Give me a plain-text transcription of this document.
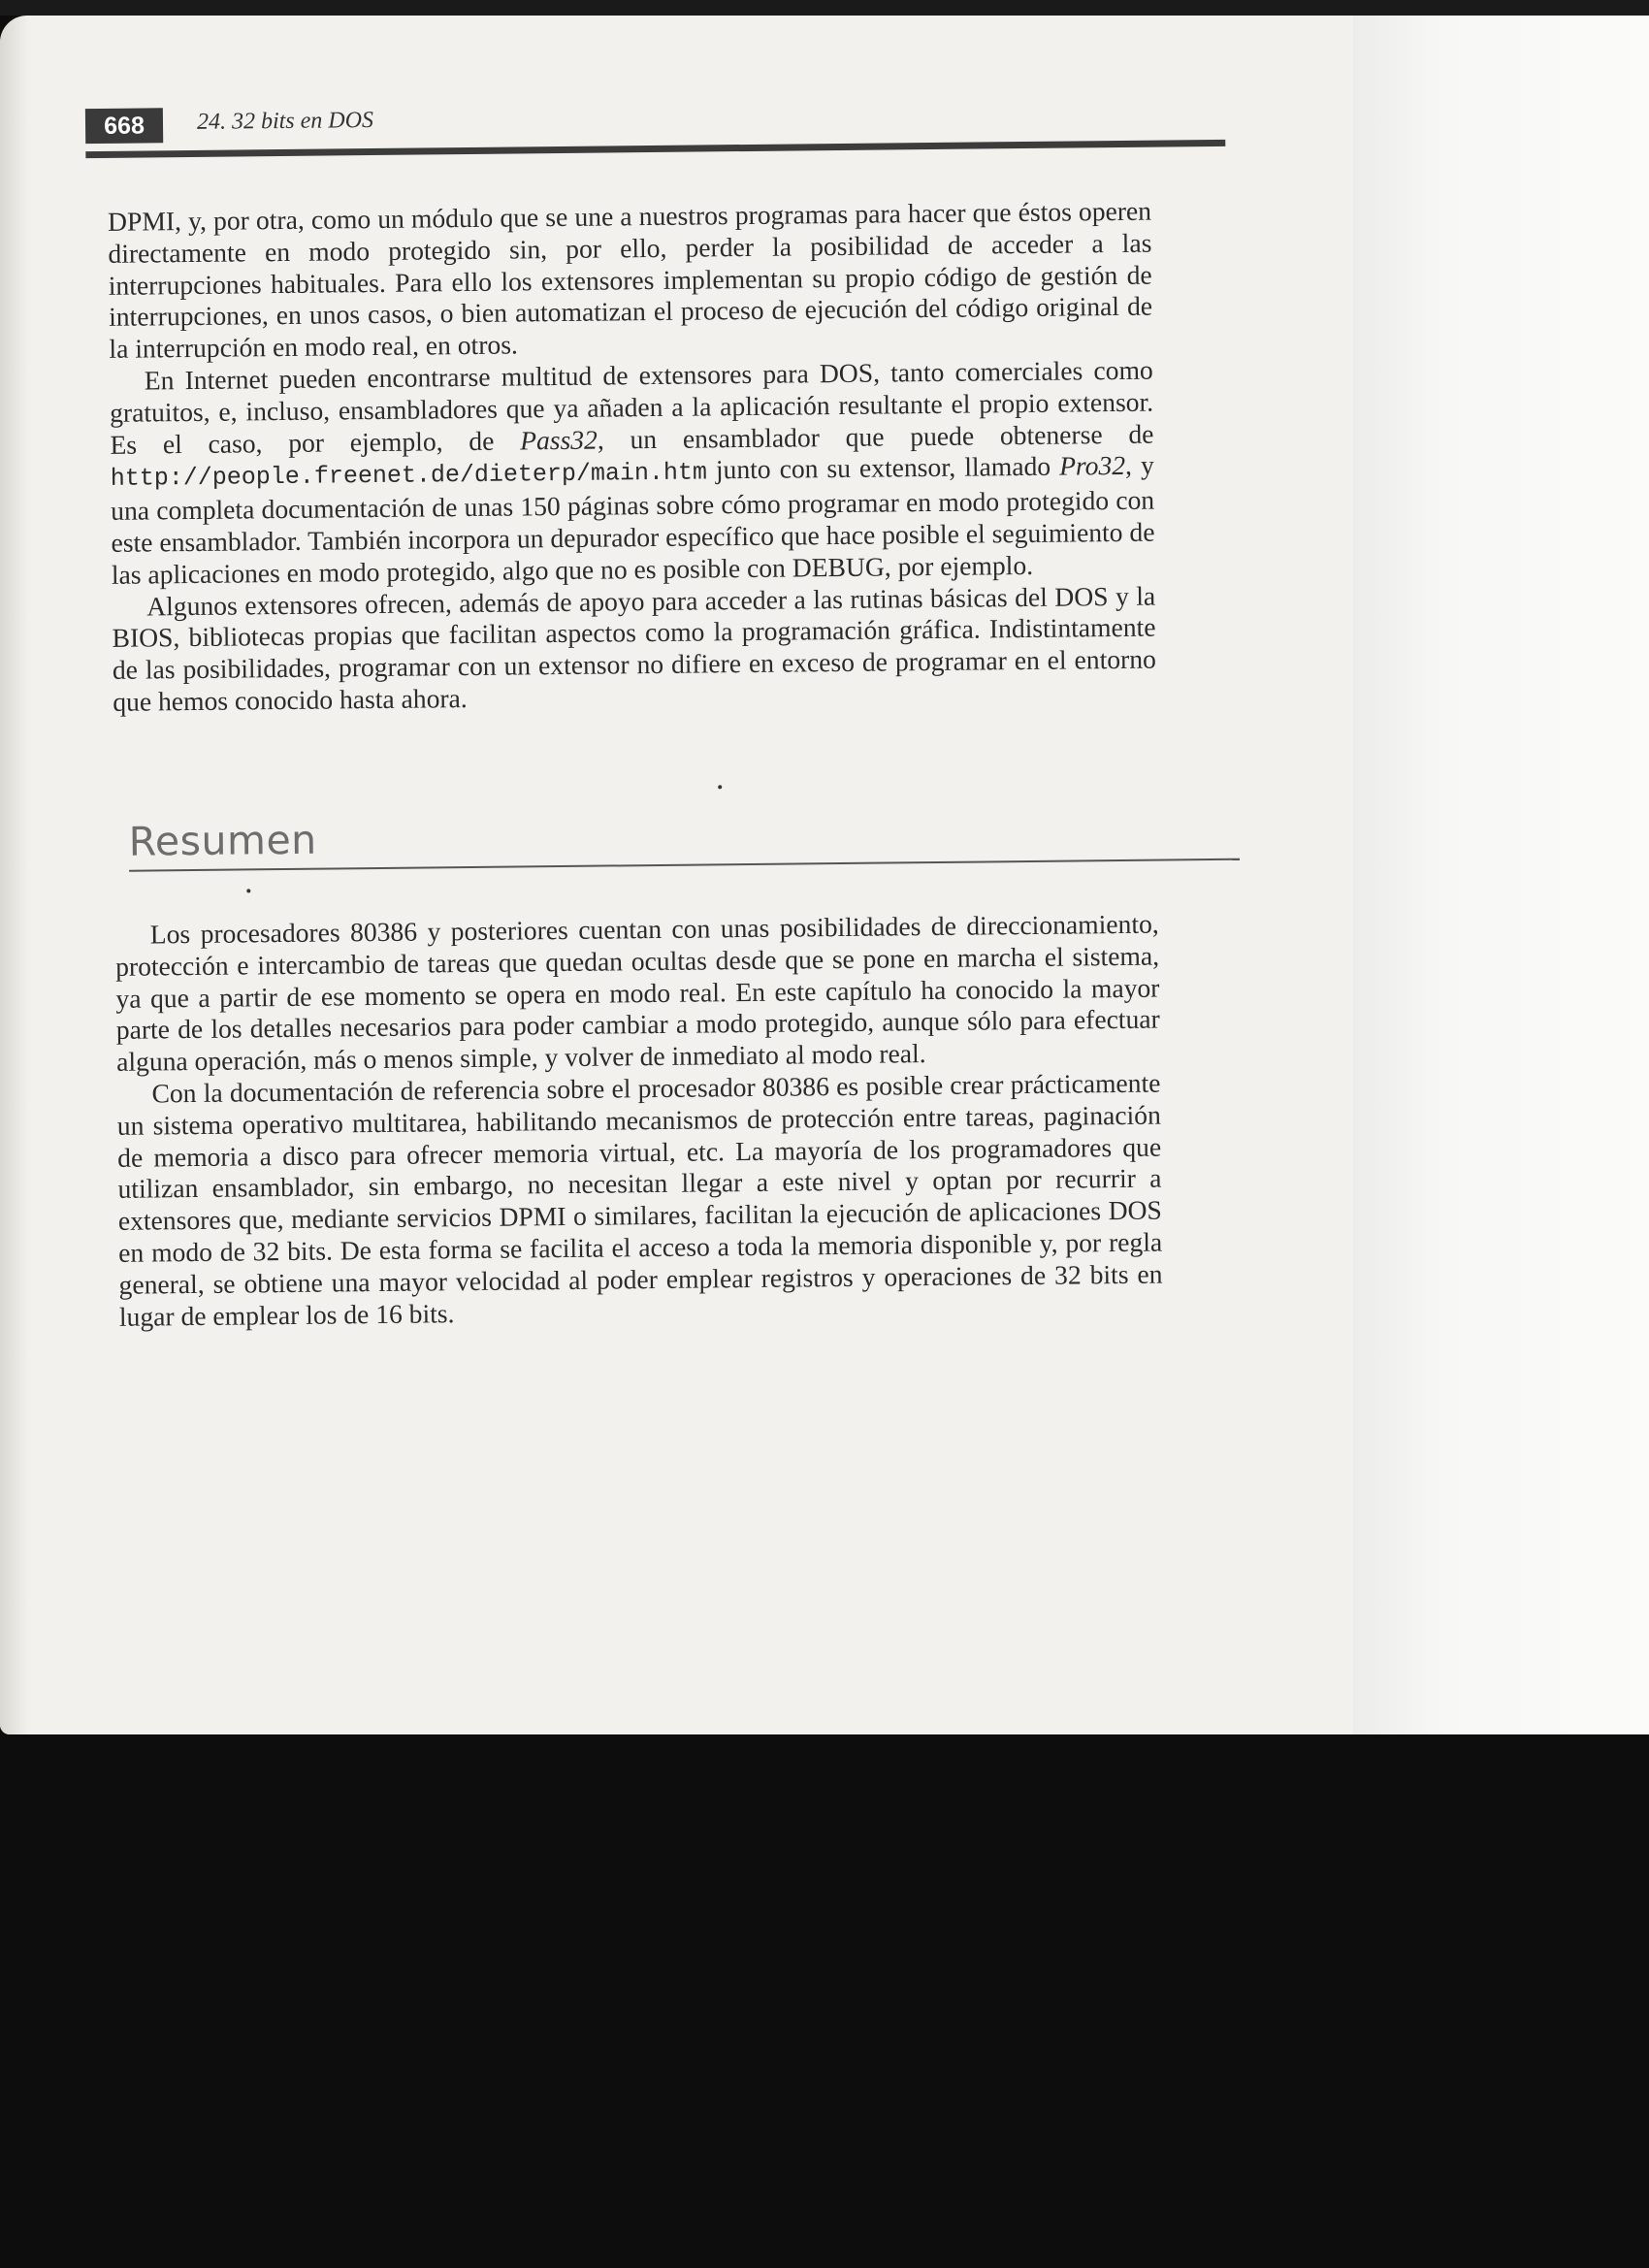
668	24. 32 bits en DOS

DPMI, y, por otra, como un módulo que se une a nuestros programas para hacer que éstos operen directamente en modo protegido sin, por ello, perder la posibilidad de acceder a las interrupciones habituales. Para ello los extensores implementan su propio código de gestión de interrupciones, en unos casos, o bien automatizan el proceso de ejecución del código original de la interrupción en modo real, en otros.

En Internet pueden encontrarse multitud de extensores para DOS, tanto comerciales como gratuitos, e, incluso, ensambladores que ya añaden a la aplicación resultante el propio extensor. Es el caso, por ejemplo, de Pass32, un ensamblador que puede obtenerse de http://people.freenet.de/dieterp/main.htm junto con su extensor, llamado Pro32, y una completa documentación de unas 150 páginas sobre cómo programar en modo protegido con este ensamblador. También incorpora un depurador específico que hace posible el seguimiento de las aplicaciones en modo protegido, algo que no es posible con DEBUG, por ejemplo.

Algunos extensores ofrecen, además de apoyo para acceder a las rutinas básicas del DOS y la BIOS, bibliotecas propias que facilitan aspectos como la programación gráfica. Indistintamente de las posibilidades, programar con un extensor no difiere en exceso de programar en el entorno que hemos conocido hasta ahora.

Resumen

Los procesadores 80386 y posteriores cuentan con unas posibilidades de direccionamiento, protección e intercambio de tareas que quedan ocultas desde que se pone en marcha el sistema, ya que a partir de ese momento se opera en modo real. En este capítulo ha conocido la mayor parte de los detalles necesarios para poder cambiar a modo protegido, aunque sólo para efectuar alguna operación, más o menos simple, y volver de inmediato al modo real.

Con la documentación de referencia sobre el procesador 80386 es posible crear prácticamente un sistema operativo multitarea, habilitando mecanismos de protección entre tareas, paginación de memoria a disco para ofrecer memoria virtual, etc. La mayoría de los programadores que utilizan ensamblador, sin embargo, no necesitan llegar a este nivel y optan por recurrir a extensores que, mediante servicios DPMI o similares, facilitan la ejecución de aplicaciones DOS en modo de 32 bits. De esta forma se facilita el acceso a toda la memoria disponible y, por regla general, se obtiene una mayor velocidad al poder emplear registros y operaciones de 32 bits en lugar de emplear los de 16 bits.
